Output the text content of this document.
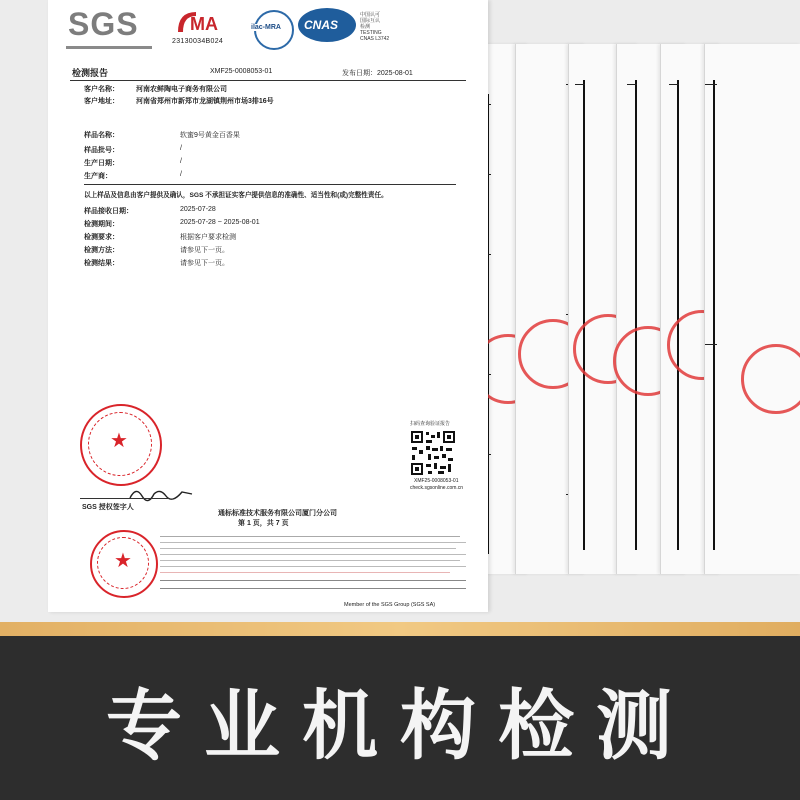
SGS	MA
23130034B024
ilac-MRA CNAS
中国认可
国际互认
检测
TESTING
CNAS L3742
检测报告	XMF25-0008053-01	发布日期：2025-08-01
客户名称： 河南农鲜陶电子商务有限公司
客户地址： 河南省郑州市新郑市龙湖镇荆州市场3排16号
样品名称：	软蜜9号黄金百香果
样品批号：	/
生产日期：	/
生产商：	/
以上样品及信息由客户提供及确认，SGS 不承担证实客户提供信息的准确性、适当性和(或)完整性责任。
样品接收日期：	2025-07-28
检测期间：	2025-07-28 ~ 2025-08-01
检测要求：	根据客户要求检测
检测方法：	请参见下一页。
检测结果：	请参见下一页。
★
SGS 授权签字人
扫码查询验证报告
XMF25-0008053-01
check.sgsonline.com.cn
通标标准技术服务有限公司厦门分公司
第 1 页，共 7 页
★
Member of the SGS Group (SGS SA)
专业机构检测
